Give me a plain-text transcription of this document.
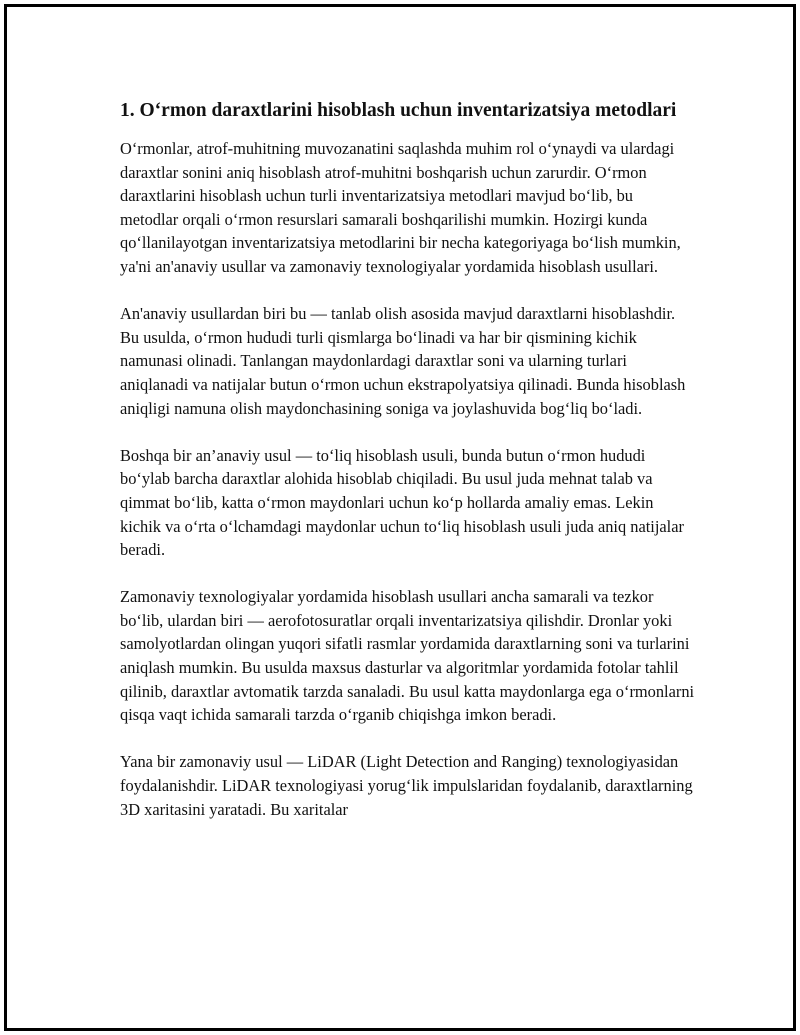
1. O‘rmon daraxtlarini hisoblash uchun inventarizatsiya metodlari

O‘rmonlar, atrof-muhitning muvozanatini saqlashda muhim rol o‘ynaydi va ulardagi daraxtlar sonini aniq hisoblash atrof-muhitni boshqarish uchun zarurdir. O‘rmon daraxtlarini hisoblash uchun turli inventarizatsiya metodlari mavjud bo‘lib, bu metodlar orqali o‘rmon resurslari samarali boshqarilishi mumkin. Hozirgi kunda qo‘llanilayotgan inventarizatsiya metodlarini bir necha kategoriyaga bo‘lish mumkin, ya'ni an'anaviy usullar va zamonaviy texnologiyalar yordamida hisoblash usullari.

An'anaviy usullardan biri bu — tanlab olish asosida mavjud daraxtlarni hisoblashdir. Bu usulda, o‘rmon hududi turli qismlarga bo‘linadi va har bir qismining kichik namunasi olinadi. Tanlangan maydonlardagi daraxtlar soni va ularning turlari aniqlanadi va natijalar butun o‘rmon uchun ekstrapolyatsiya qilinadi. Bunda hisoblash aniqligi namuna olish maydonchasining soniga va joylashuvida bog‘liq bo‘ladi.

Boshqa bir an’anaviy usul — to‘liq hisoblash usuli, bunda butun o‘rmon hududi bo‘ylab barcha daraxtlar alohida hisoblab chiqiladi. Bu usul juda mehnat talab va qimmat bo‘lib, katta o‘rmon maydonlari uchun ko‘p hollarda amaliy emas. Lekin kichik va o‘rta o‘lchamdagi maydonlar uchun to‘liq hisoblash usuli juda aniq natijalar beradi.

Zamonaviy texnologiyalar yordamida hisoblash usullari ancha samarali va tezkor bo‘lib, ulardan biri — aerofotosuratlar orqali inventarizatsiya qilishdir. Dronlar yoki samolyotlardan olingan yuqori sifatli rasmlar yordamida daraxtlarning soni va turlarini aniqlash mumkin. Bu usulda maxsus dasturlar va algoritmlar yordamida fotolar tahlil qilinib, daraxtlar avtomatik tarzda sanaladi. Bu usul katta maydonlarga ega o‘rmonlarni qisqa vaqt ichida samarali tarzda o‘rganib chiqishga imkon beradi.

Yana bir zamonaviy usul — LiDAR (Light Detection and Ranging) texnologiyasidan foydalanishdir. LiDAR texnologiyasi yorug‘lik impulslaridan foydalanib, daraxtlarning 3D xaritasini yaratadi. Bu xaritalar
